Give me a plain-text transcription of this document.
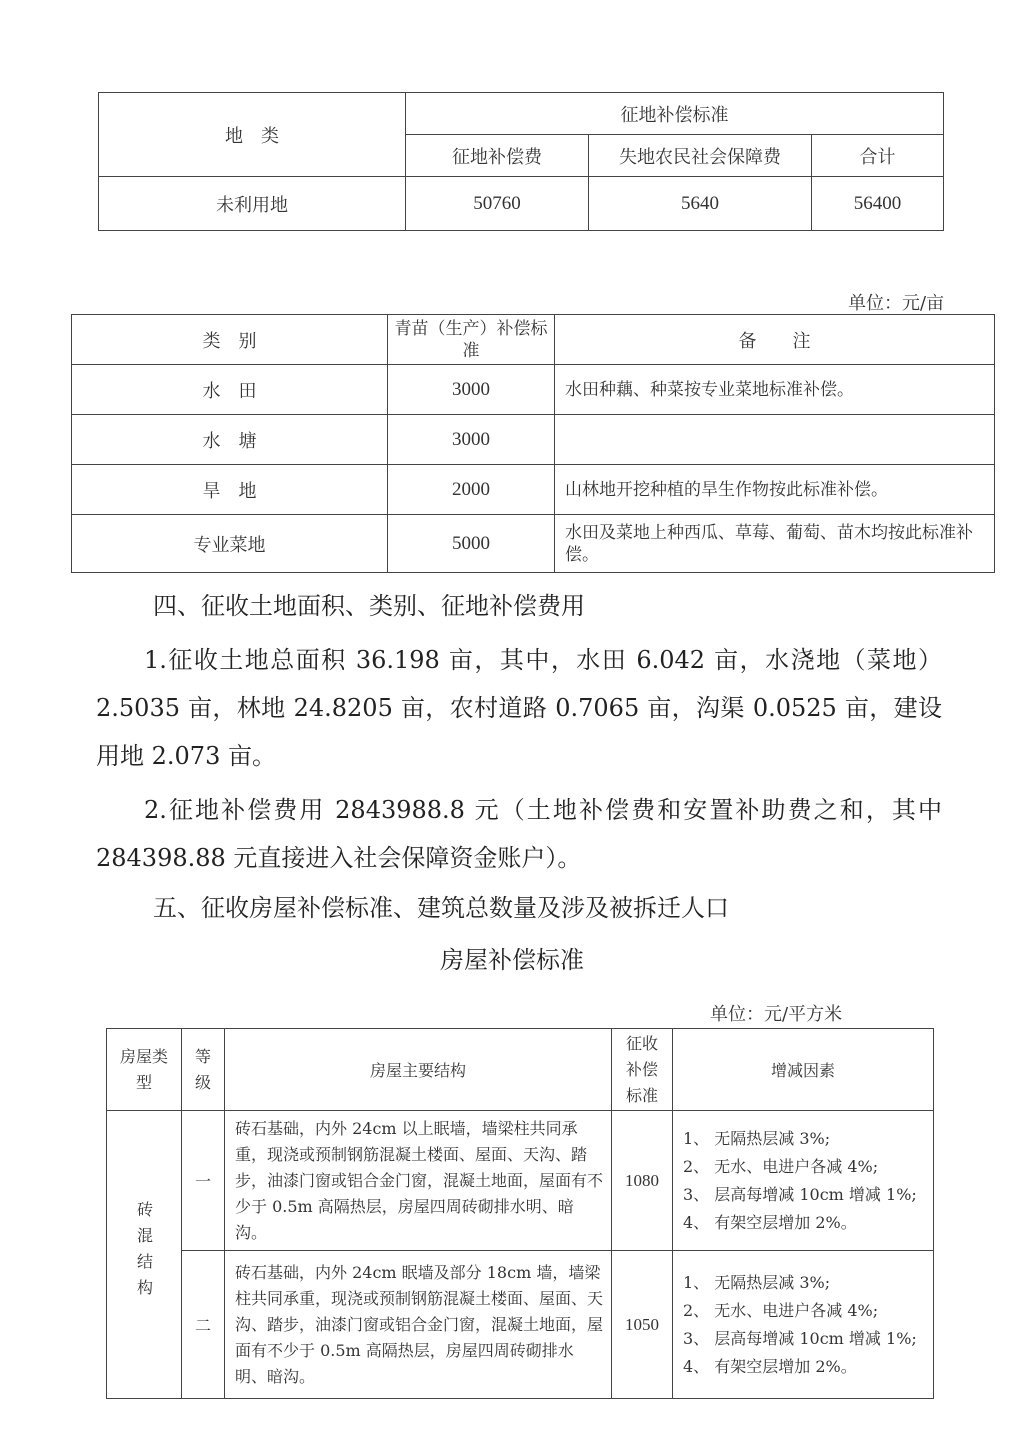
地　类	征地补偿标准		
	征地补偿费	失地农民社会保障费	合计
未利用地	50760	5640	56400
单位：元/亩
类　别	青苗（生产）补偿标准	备　　注
水　田	3000	水田种藕、种菜按专业菜地标准补偿。
水　塘	3000	
旱　地	2000	山林地开挖种植的旱生作物按此标准补偿。
专业菜地	5000	水田及菜地上种西瓜、草莓、葡萄、苗木均按此标准补偿。
四、征收土地面积、类别、征地补偿费用
1.征收土地总面积 36.198 亩，其中，水田 6.042 亩，水浇地（菜地）2.5035 亩，林地 24.8205 亩，农村道路 0.7065 亩，沟渠 0.0525 亩，建设用地 2.073 亩。
2.征地补偿费用 2843988.8 元（土地补偿费和安置补助费之和，其中 284398.88 元直接进入社会保障资金账户）。
五、征收房屋补偿标准、建筑总数量及涉及被拆迁人口
房屋补偿标准
单位：元/平方米
房屋类型	等级	房屋主要结构	征收补偿标准	增减因素
砖混结构	一	砖石基础，内外 24cm 以上眠墙，墙梁柱共同承重，现浇或预制钢筋混凝土楼面、屋面、天沟、踏步，油漆门窗或铝合金门窗，混凝土地面，屋面有不少于 0.5m 高隔热层，房屋四周砖砌排水明、暗沟。	1080	1、 无隔热层减 3%;
2、 无水、电进户各减 4%;
3、 层高每增减 10cm 增减 1%;
4、 有架空层增加 2%。

	二	砖石基础，内外 24cm 眠墙及部分 18cm 墙，墙梁柱共同承重，现浇或预制钢筋混凝土楼面、屋面、天沟、踏步，油漆门窗或铝合金门窗，混凝土地面，屋面有不少于 0.5m 高隔热层，房屋四周砖砌排水明、暗沟。	1050	1、 无隔热层减 3%;
2、 无水、电进户各减 4%;
3、 层高每增减 10cm 增减 1%;
4、 有架空层增加 2%。
